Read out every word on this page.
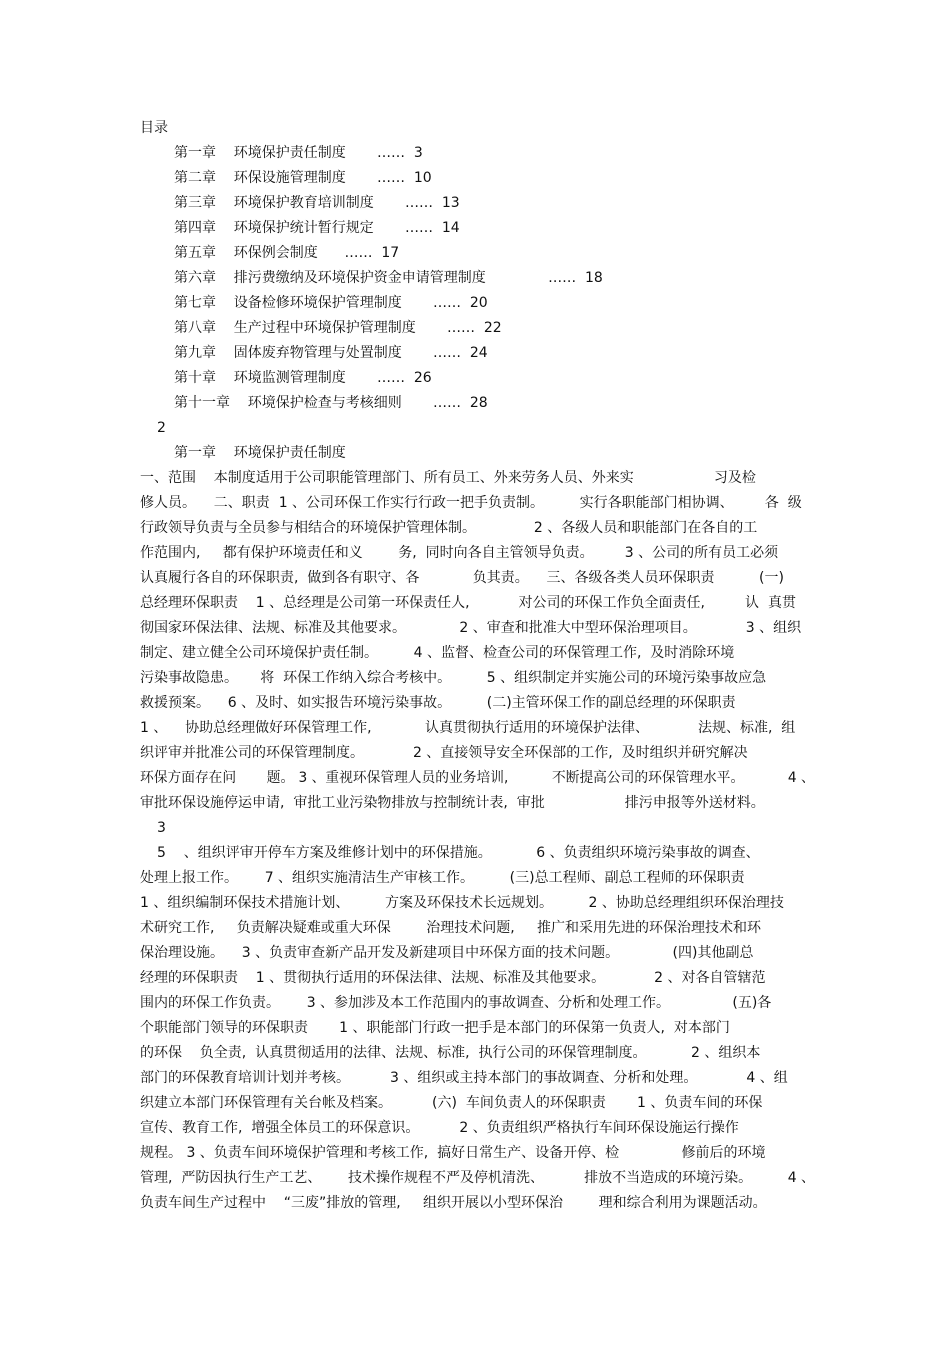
目录
第一章    环境保护责任制度       ……  3
第二章    环保设施管理制度       ……  10
第三章    环境保护教育培训制度       ……  13
第四章    环境保护统计暂行规定       ……  14
第五章    环保例会制度      ……  17
第六章    排污费缴纳及环境保护资金申请管理制度              ……  18
第七章    设备检修环境保护管理制度       ……  20
第八章    生产过程中环境保护管理制度       ……  22
第九章    固体废弃物管理与处置制度       ……  24
第十章    环境监测管理制度       ……  26
第十一章    环境保护检查与考核细则       ……  28
2
第一章    环境保护责任制度
一、范围    本制度适用于公司职能管理部门、所有员工、外来劳务人员、外来实                  习及检
修人员。    二、职责  1 、公司环保工作实行行政一把手负责制。        实行各职能部门相协调、       各  级
行政领导负责与全员参与相结合的环境保护管理体制。             2 、各级人员和职能部门在各自的工
作范围内,     都有保护环境责任和义        务,  同时向各自主管领导负责。       3 、公司的所有员工必须
认真履行各自的环保职责,  做到各有职守、各            负其责。    三、各级各类人员环保职责          (一)
总经理环保职责    1 、总经理是公司第一环保责任人,           对公司的环保工作负全面责任,         认  真贯
彻国家环保法律、法规、标准及其他要求。            2 、审查和批准大中型环保治理项目。           3 、组织
制定、建立健全公司环境保护责任制。        4 、监督、检查公司的环保管理工作,  及时消除环境
污染事故隐患。     将  环保工作纳入综合考核中。        5 、组织制定并实施公司的环境污染事故应急
救援预案。    6 、及时、如实报告环境污染事故。        (二)主管环保工作的副总经理的环保职责
1 、    协助总经理做好环保管理工作,            认真贯彻执行适用的环境保护法律、           法规、标准,  组
织评审并批准公司的环保管理制度。           2 、直接领导安全环保部的工作,  及时组织并研究解决
环保方面存在问       题。 3 、重视环保管理人员的业务培训,          不断提高公司的环保管理水平。          4 、
审批环保设施停运申请,  审批工业污染物排放与控制统计表,  审批                  排污申报等外送材料。
3
5    、组织评审开停车方案及维修计划中的环保措施。          6 、负责组织环境污染事故的调查、
处理上报工作。      7 、组织实施清洁生产审核工作。        (三)总工程师、副总工程师的环保职责
1 、组织编制环保技术措施计划、        方案及环保技术长远规划。        2 、协助总经理组织环保治理技
术研究工作,     负责解决疑难或重大环保        治理技术问题,     推广和采用先进的环保治理技术和环
保治理设施。    3 、负责审查新产品开发及新建项目中环保方面的技术问题。            (四)其他副总
经理的环保职责    1 、贯彻执行适用的环保法律、法规、标准及其他要求。           2 、对各自管辖范
围内的环保工作负责。      3 、参加涉及本工作范围内的事故调查、分析和处理工作。              (五)各
个职能部门领导的环保职责       1 、职能部门行政一把手是本部门的环保第一负责人,  对本部门
的环保    负全责,  认真贯彻适用的法律、法规、标准,  执行公司的环保管理制度。          2 、组织本
部门的环保教育培训计划并考核。         3 、组织或主持本部门的事故调查、分析和处理。           4 、组
织建立本部门环保管理有关台帐及档案。         (六)  车间负责人的环保职责       1 、负责车间的环保
宣传、教育工作,  增强全体员工的环保意识。         2 、负责组织严格执行车间环保设施运行操作
规程。 3 、负责车间环境保护管理和考核工作,  搞好日常生产、设备开停、检              修前后的环境
管理,  严防因执行生产工艺、      技术操作规程不严及停机清洗、         排放不当造成的环境污染。        4 、
负责车间生产过程中    “三废”排放的管理,     组织开展以小型环保治        理和综合利用为课题活动。
